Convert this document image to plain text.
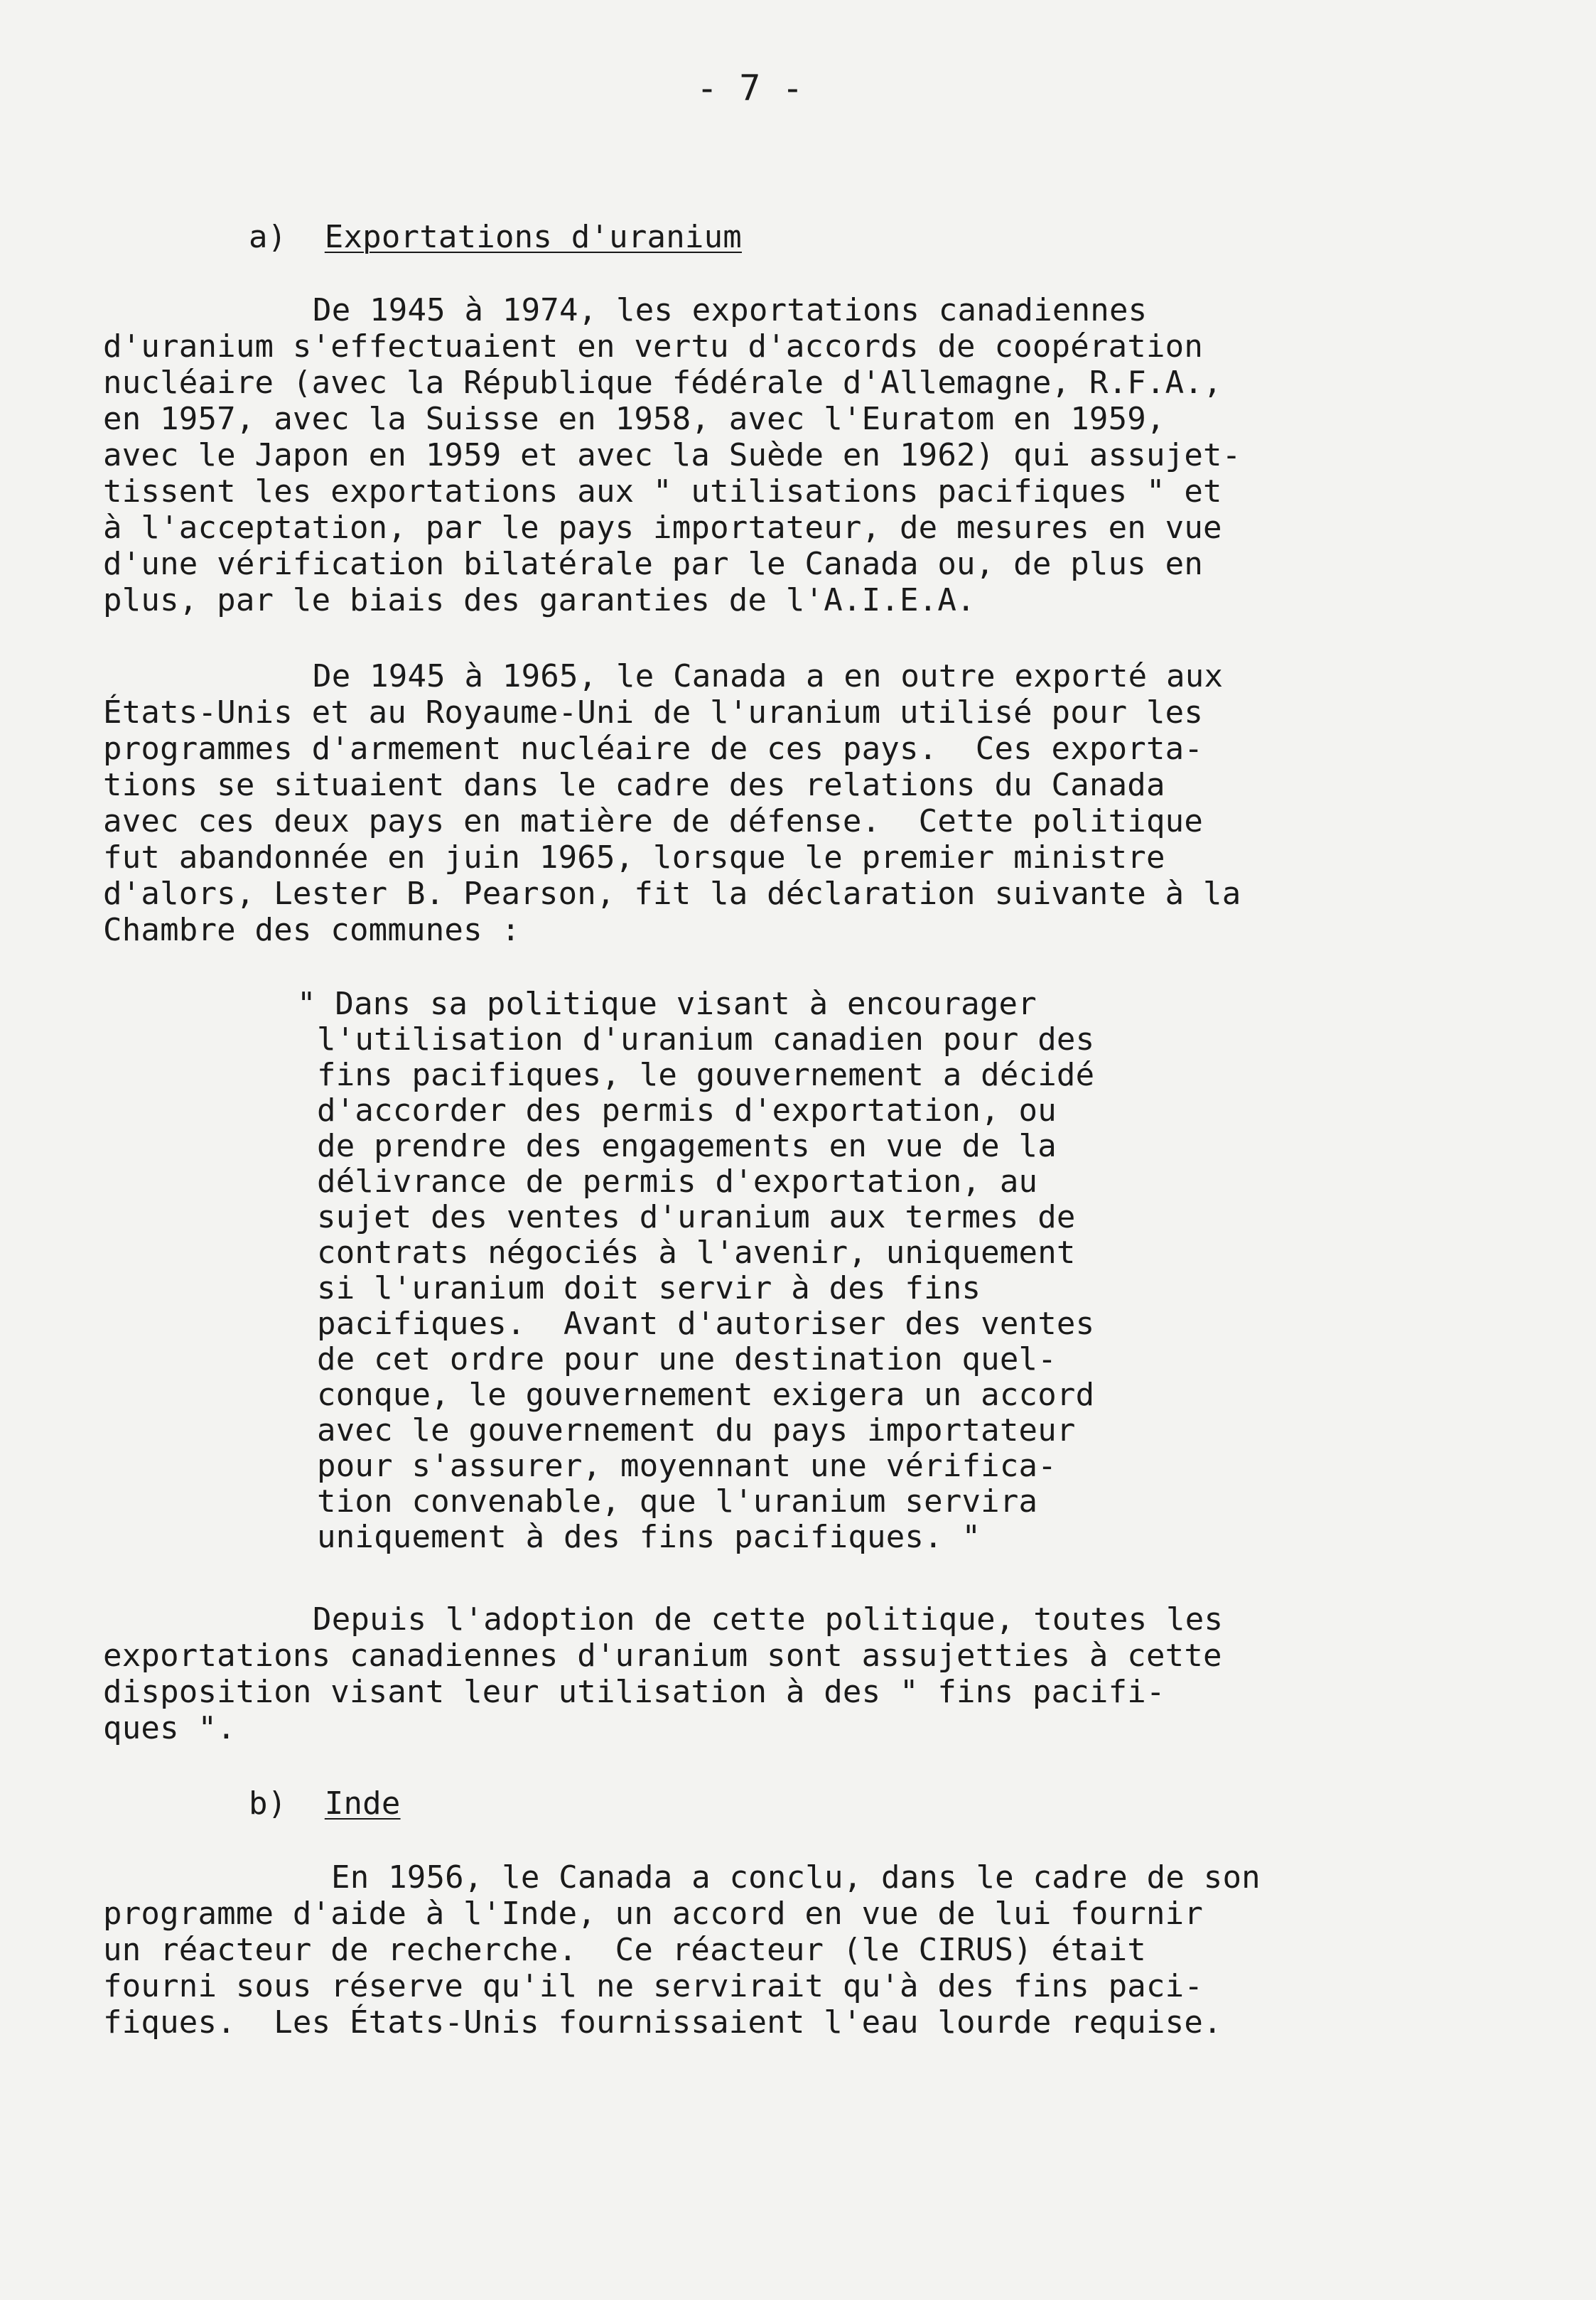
- 7 -
a) Exportations d'uranium
De 1945 à 1974, les exportations canadiennes
d'uranium s'effectuaient en vertu d'accords de coopération
nucléaire (avec la République fédérale d'Allemagne, R.F.A.,
en 1957, avec la Suisse en 1958, avec l'Euratom en 1959,
avec le Japon en 1959 et avec la Suède en 1962) qui assujet-
tissent les exportations aux " utilisations pacifiques " et
à l'acceptation, par le pays importateur, de mesures en vue
d'une vérification bilatérale par le Canada ou, de plus en
plus, par le biais des garanties de l'A.I.E.A.
De 1945 à 1965, le Canada a en outre exporté aux
États-Unis et au Royaume-Uni de l'uranium utilisé pour les
programmes d'armement nucléaire de ces pays.  Ces exporta-
tions se situaient dans le cadre des relations du Canada
avec ces deux pays en matière de défense.  Cette politique
fut abandonnée en juin 1965, lorsque le premier ministre
d'alors, Lester B. Pearson, fit la déclaration suivante à la
Chambre des communes :
" Dans sa politique visant à encourager
l'utilisation d'uranium canadien pour des
fins pacifiques, le gouvernement a décidé
d'accorder des permis d'exportation, ou
de prendre des engagements en vue de la
délivrance de permis d'exportation, au
sujet des ventes d'uranium aux termes de
contrats négociés à l'avenir, uniquement
si l'uranium doit servir à des fins
pacifiques.  Avant d'autoriser des ventes
de cet ordre pour une destination quel-
conque, le gouvernement exigera un accord
avec le gouvernement du pays importateur
pour s'assurer, moyennant une vérifica-
tion convenable, que l'uranium servira
uniquement à des fins pacifiques. "
Depuis l'adoption de cette politique, toutes les
exportations canadiennes d'uranium sont assujetties à cette
disposition visant leur utilisation à des " fins pacifi-
ques ".
b) Inde
En 1956, le Canada a conclu, dans le cadre de son
programme d'aide à l'Inde, un accord en vue de lui fournir
un réacteur de recherche.  Ce réacteur (le CIRUS) était
fourni sous réserve qu'il ne servirait qu'à des fins paci-
fiques.  Les États-Unis fournissaient l'eau lourde requise.
